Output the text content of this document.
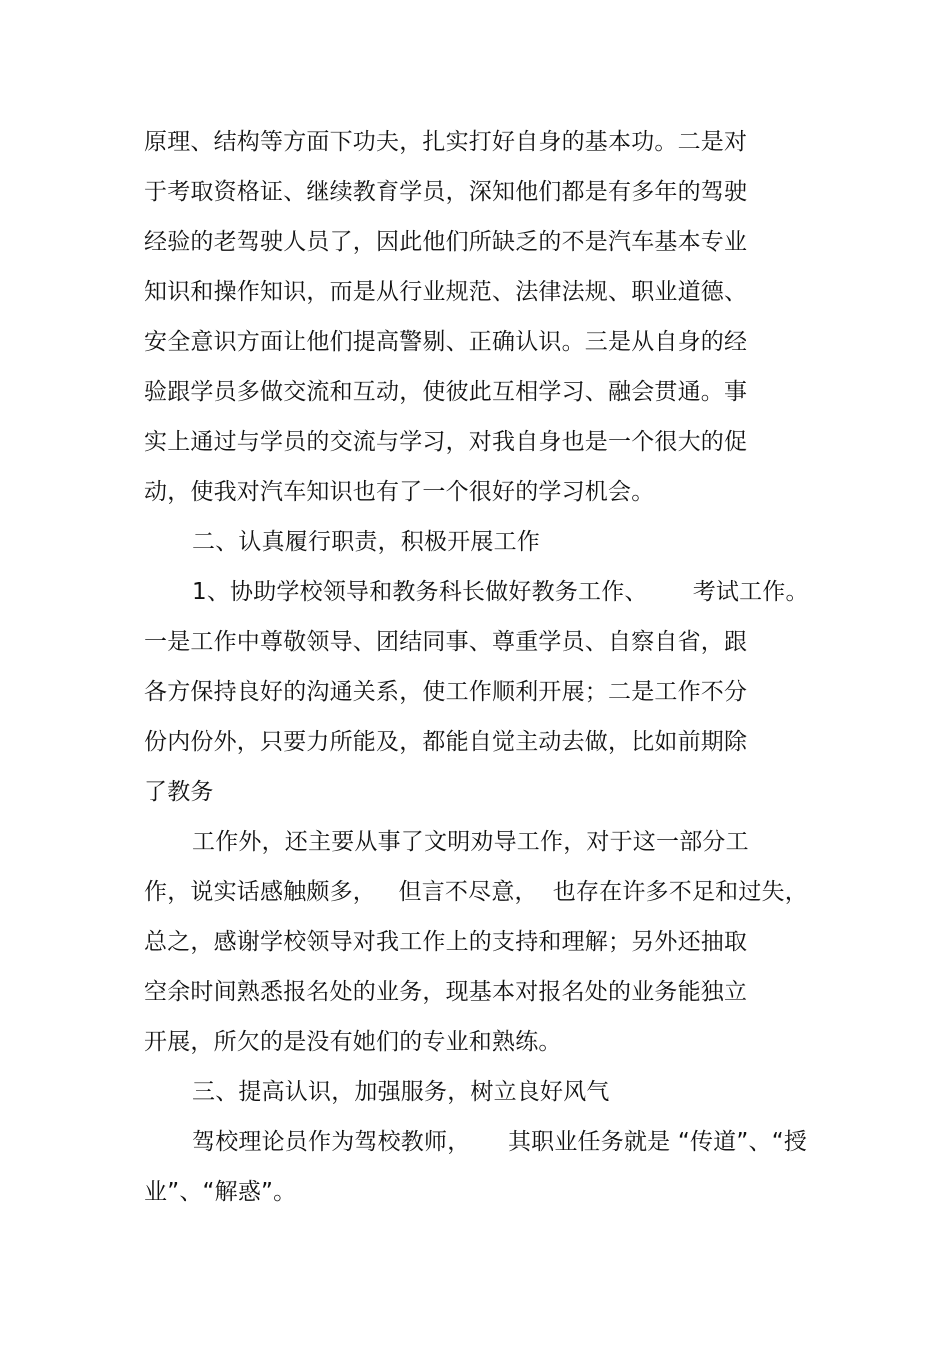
原理、结构等方面下功夫，扎实打好自身的基本功。二是对
于考取资格证、继续教育学员，深知他们都是有多年的驾驶
经验的老驾驶人员了，因此他们所缺乏的不是汽车基本专业
知识和操作知识，而是从行业规范、法律法规、职业道德、
安全意识方面让他们提高警剔、正确认识。三是从自身的经
验跟学员多做交流和互动，使彼此互相学习、融会贯通。事
实上通过与学员的交流与学习，对我自身也是一个很大的促
动，使我对汽车知识也有了一个很好的学习机会。
二、认真履行职责，积极开展工作
1、协助学校领导和教务科长做好教务工作、      考试工作。
一是工作中尊敬领导、团结同事、尊重学员、自察自省，跟
各方保持良好的沟通关系，使工作顺利开展；二是工作不分
份内份外，只要力所能及，都能自觉主动去做，比如前期除
了教务
工作外，还主要从事了文明劝导工作，对于这一部分工
作，说实话感触颇多，   但言不尽意，  也存在许多不足和过失，
总之，感谢学校领导对我工作上的支持和理解；另外还抽取
空余时间熟悉报名处的业务，现基本对报名处的业务能独立
开展，所欠的是没有她们的专业和熟练。
三、提高认识，加强服务，树立良好风气
驾校理论员作为驾校教师，     其职业任务就是 “传道”、“授
业”、“解惑”。
